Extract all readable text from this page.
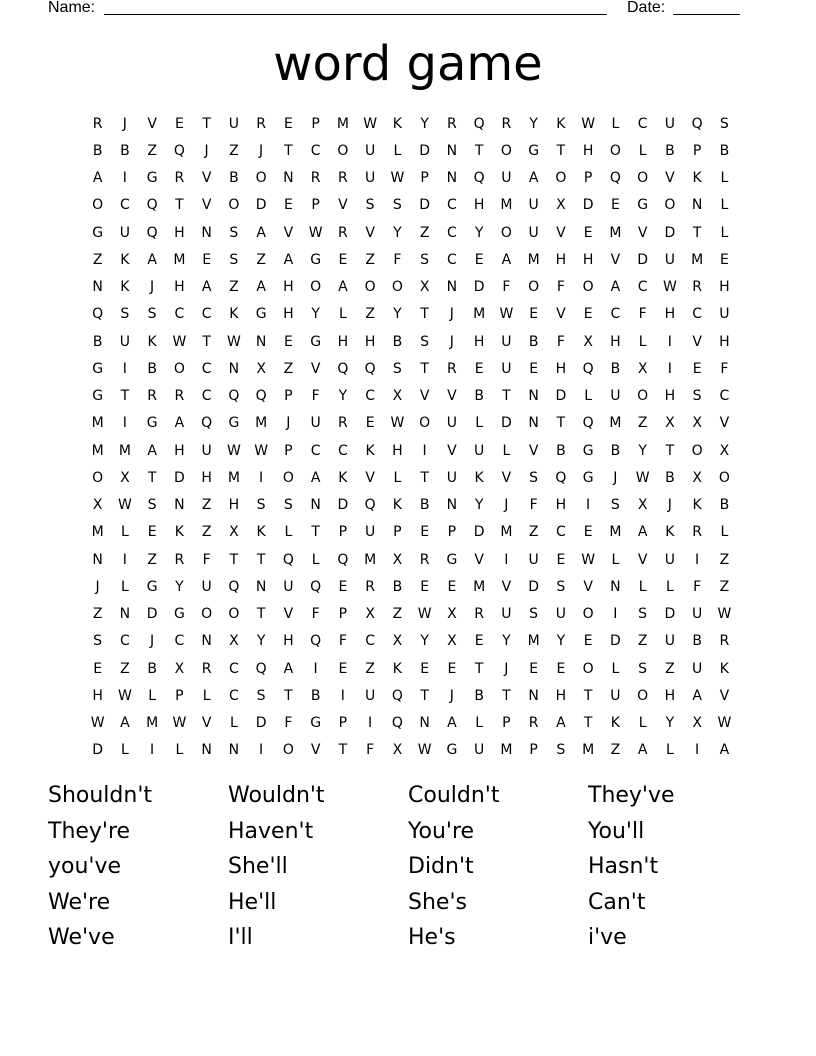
Name:	Date:
word game
R	J	V	E	T	U	R	E	P	M	W	K	Y	R	Q	R	Y	K	W	L	C	U	Q	S
B	B	Z	Q	J	Z	J	T	C	O	U	L	D	N	T	O	G	T	H	O	L	B	P	B
A	I	G	R	V	B	O	N	R	R	U	W	P	N	Q	U	A	O	P	Q	O	V	K	L
O	C	Q	T	V	O	D	E	P	V	S	S	D	C	H	M	U	X	D	E	G	O	N	L
G	U	Q	H	N	S	A	V	W	R	V	Y	Z	C	Y	O	U	V	E	M	V	D	T	L
Z	K	A	M	E	S	Z	A	G	E	Z	F	S	C	E	A	M	H	H	V	D	U	M	E
N	K	J	H	A	Z	A	H	O	A	O	O	X	N	D	F	O	F	O	A	C	W	R	H
Q	S	S	C	C	K	G	H	Y	L	Z	Y	T	J	M	W	E	V	E	C	F	H	C	U
B	U	K	W	T	W	N	E	G	H	H	B	S	J	H	U	B	F	X	H	L	I	V	H
G	I	B	O	C	N	X	Z	V	Q	Q	S	T	R	E	U	E	H	Q	B	X	I	E	F
G	T	R	R	C	Q	Q	P	F	Y	C	X	V	V	B	T	N	D	L	U	O	H	S	C
M	I	G	A	Q	G	M	J	U	R	E	W	O	U	L	D	N	T	Q	M	Z	X	X	V
M	M	A	H	U	W W	P	C	C	K	H	I	V	U	L	V	B	G	B	Y	T	O	X
O	X	T	D	H	M	I	O	A	K	V	L	T	U	K	V	S	Q	G	J	W	B	X	O
X	W	S	N	Z	H	S	S	N	D	Q	K	B	N	Y	J	F	H	I	S	X	J	K	B
M	L	E	K	Z	X	K	L	T	P	U	P	E	P	D	M	Z	C	E	M	A	K	R	L
N	I	Z	R	F	T	T	Q	L	Q	M	X	R	G	V	I	U	E	W	L	V	U	I	Z
J	L	G	Y	U	Q	N	U	Q	E	R	B	E	E	M	V	D	S	V	N	L	L	F	Z
Z	N	D	G	O	O	T	V	F	P	X	Z	W	X	R	U	S	U	O	I	S	D	U	W
S	C	J	C	N	X	Y	H	Q	F	C	X	Y	X	E	Y	M	Y	E	D	Z	U	B	R
E	Z	B	X	R	C	Q	A	I	E	Z	K	E	E	T	J	E	E	O	L	S	Z	U	K
H	W	L	P	L	C	S	T	B	I	U	Q	T	J	B	T	N	H	T	U	O	H	A	V
W	A	M	W	V	L	D	F	G	P	I	Q	N	A	L	P	R	A	T	K	L	Y	X	W
D	L	I	L	N	N	I	O	V	T	F	X	W	G	U	M	P	S	M	Z	A	L	I	A
Shouldn't	Wouldn't	Couldn't	They've
They're	Haven't	You're	You'll
you've	She'll	Didn't	Hasn't
We're	He'll	She's	Can't
We've	I'll	He's	i've
